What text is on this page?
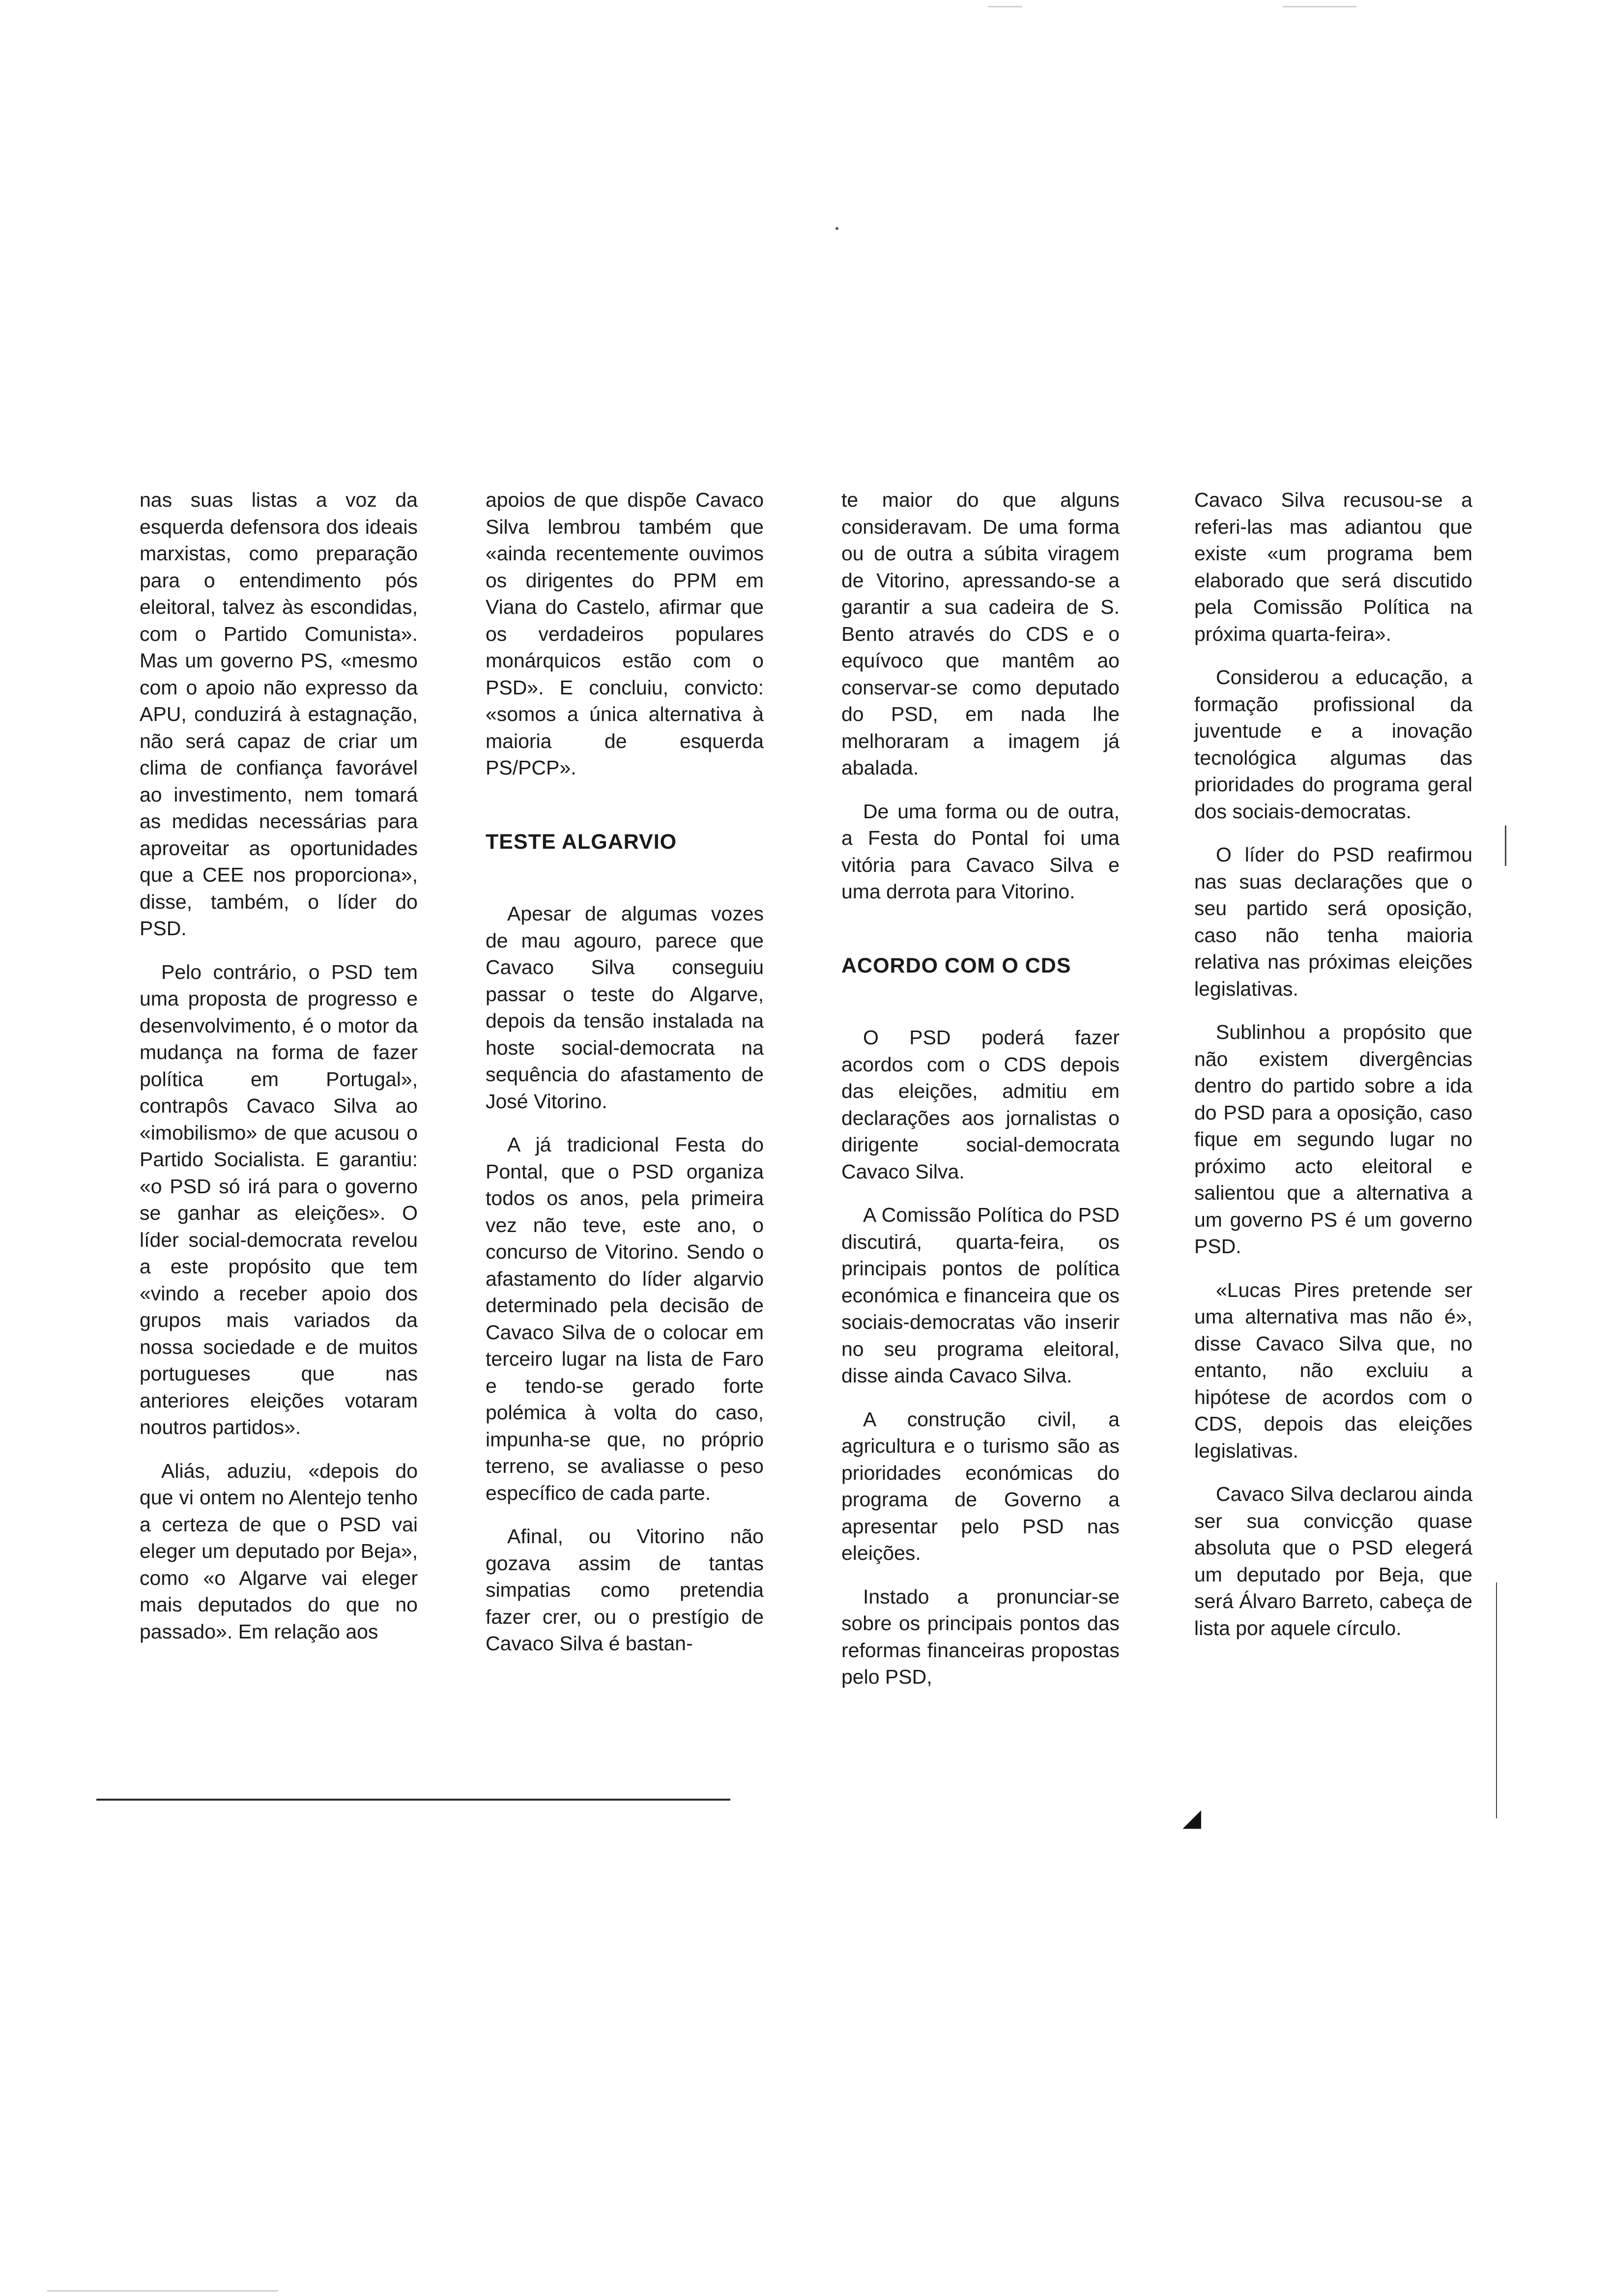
nas suas listas a voz da esquerda defensora dos ideais marxistas, como preparação para o entendimento pós eleitoral, talvez às escondidas, com o Partido Comunista». Mas um governo PS, «mesmo com o apoio não expresso da APU, conduzirá à estagnação, não será capaz de criar um clima de confiança favorável ao investimento, nem tomará as medidas necessárias para aproveitar as oportunidades que a CEE nos proporciona», disse, também, o líder do PSD.

Pelo contrário, o PSD tem uma proposta de progresso e desenvolvimento, é o motor da mudança na forma de fazer política em Portugal», contrapôs Cavaco Silva ao «imobilismo» de que acusou o Partido Socialista. E garantiu: «o PSD só irá para o governo se ganhar as eleições». O líder social-democrata revelou a este propósito que tem «vindo a receber apoio dos grupos mais variados da nossa sociedade e de muitos portugueses que nas anteriores eleições votaram noutros partidos».

Aliás, aduziu, «depois do que vi ontem no Alentejo tenho a certeza de que o PSD vai eleger um deputado por Beja», como «o Algarve vai eleger mais deputados do que no passado». Em relação aos

apoios de que dispõe Cavaco Silva lembrou também que «ainda recentemente ouvimos os dirigentes do PPM em Viana do Castelo, afirmar que os verdadeiros populares monárquicos estão com o PSD». E concluiu, convicto: «somos a única alternativa à maioria de esquerda PS/PCP».

TESTE ALGARVIO

Apesar de algumas vozes de mau agouro, parece que Cavaco Silva conseguiu passar o teste do Algarve, depois da tensão instalada na hoste social-democrata na sequência do afastamento de José Vitorino.

A já tradicional Festa do Pontal, que o PSD organiza todos os anos, pela primeira vez não teve, este ano, o concurso de Vitorino. Sendo o afastamento do líder algarvio determinado pela decisão de Cavaco Silva de o colocar em terceiro lugar na lista de Faro e tendo-se gerado forte polémica à volta do caso, impunha-se que, no próprio terreno, se avaliasse o peso específico de cada parte.

Afinal, ou Vitorino não gozava assim de tantas simpatias como pretendia fazer crer, ou o prestígio de Cavaco Silva é bastan-

te maior do que alguns consideravam. De uma forma ou de outra a súbita viragem de Vitorino, apressando-se a garantir a sua cadeira de S. Bento através do CDS e o equívoco que mantêm ao conservar-se como deputado do PSD, em nada lhe melhoraram a imagem já abalada.

De uma forma ou de outra, a Festa do Pontal foi uma vitória para Cavaco Silva e uma derrota para Vitorino.

ACORDO COM O CDS

O PSD poderá fazer acordos com o CDS depois das eleições, admitiu em declarações aos jornalistas o dirigente social-democrata Cavaco Silva.

A Comissão Política do PSD discutirá, quarta-feira, os principais pontos de política económica e financeira que os sociais-democratas vão inserir no seu programa eleitoral, disse ainda Cavaco Silva.

A construção civil, a agricultura e o turismo são as prioridades económicas do programa de Governo a apresentar pelo PSD nas eleições.

Instado a pronunciar-se sobre os principais pontos das reformas financeiras propostas pelo PSD,

Cavaco Silva recusou-se a referi-las mas adiantou que existe «um programa bem elaborado que será discutido pela Comissão Política na próxima quarta-feira».

Considerou a educação, a formação profissional da juventude e a inovação tecnológica algumas das prioridades do programa geral dos sociais-democratas.

O líder do PSD reafirmou nas suas declarações que o seu partido será oposição, caso não tenha maioria relativa nas próximas eleições legislativas.

Sublinhou a propósito que não existem divergências dentro do partido sobre a ida do PSD para a oposição, caso fique em segundo lugar no próximo acto eleitoral e salientou que a alternativa a um governo PS é um governo PSD.

«Lucas Pires pretende ser uma alternativa mas não é», disse Cavaco Silva que, no entanto, não excluiu a hipótese de acordos com o CDS, depois das eleições legislativas.

Cavaco Silva declarou ainda ser sua convicção quase absoluta que o PSD elegerá um deputado por Beja, que será Álvaro Barreto, cabeça de lista por aquele círculo.

◢
